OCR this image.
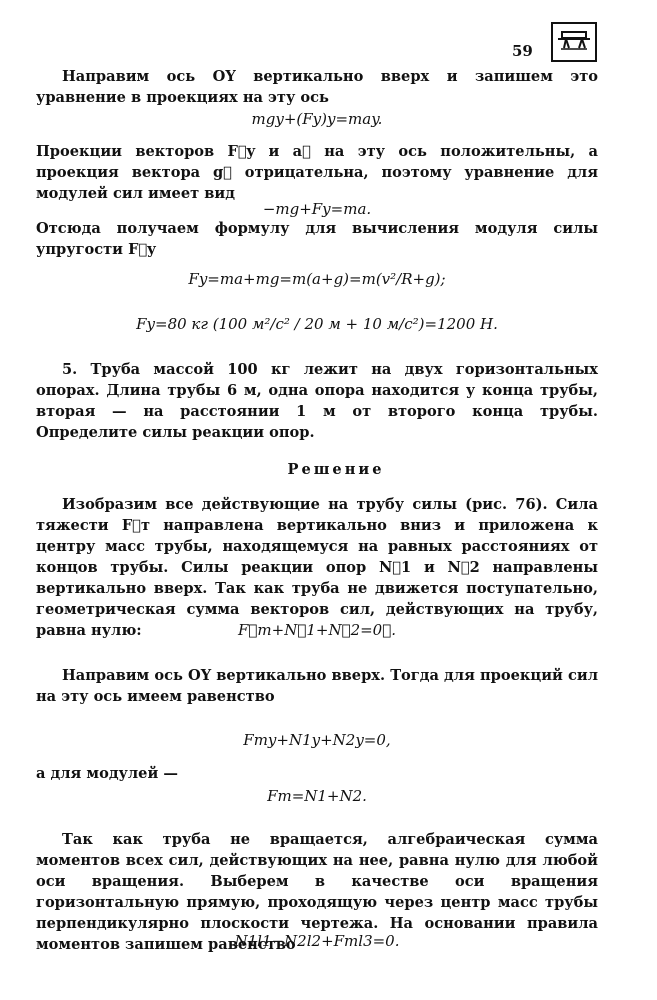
59

Направим ось OY вертикально вверх и запишем это уравнение в проекциях на эту ось

mgy+(Fy)y=may.

Проекции векторов F⃗y и a⃗ на эту ось положительны, а проекция вектора g⃗ отрицательна, поэтому уравнение для модулей сил имеет вид

−mg+Fy=ma.

Отсюда получаем формулу для вычисления модуля силы упругости F⃗y

Fy=ma+mg=m(a+g)=m(v²/R+g);

Fy=80 кг (100 м²/с² / 20 м + 10 м/с²)=1200 Н.

5. Труба массой 100 кг лежит на двух горизонтальных опорах. Длина трубы 6 м, одна опора находится у конца трубы, вторая — на расстоянии 1 м от второго конца трубы. Определите силы реакции опор.

Решение

Изобразим все действующие на трубу силы (рис. 76). Сила тяжести F⃗т направлена вертикально вниз и приложена к центру масс трубы, находящемуся на равных расстояниях от концов трубы. Силы реакции опор N⃗1 и N⃗2 направлены вертикально вверх. Так как труба не движется поступательно, геометрическая сумма векторов сил, действующих на трубу, равна нулю:	F⃗т+N⃗1+N⃗2=0⃗.

Направим ось OY вертикально вверх. Тогда для проекций сил на эту ось имеем равенство

Fтy+N1y+N2y=0,

а для модулей —

Fт=N1+N2.

Так как труба не вращается, алгебраическая сумма моментов всех сил, действующих на нее, равна нулю для любой оси вращения. Выберем в качестве оси вращения горизонтальную прямую, проходящую через центр масс трубы перпендикулярно плоскости чертежа. На основании правила моментов запишем равенство

N1l1−N2l2+Fтl3=0.
